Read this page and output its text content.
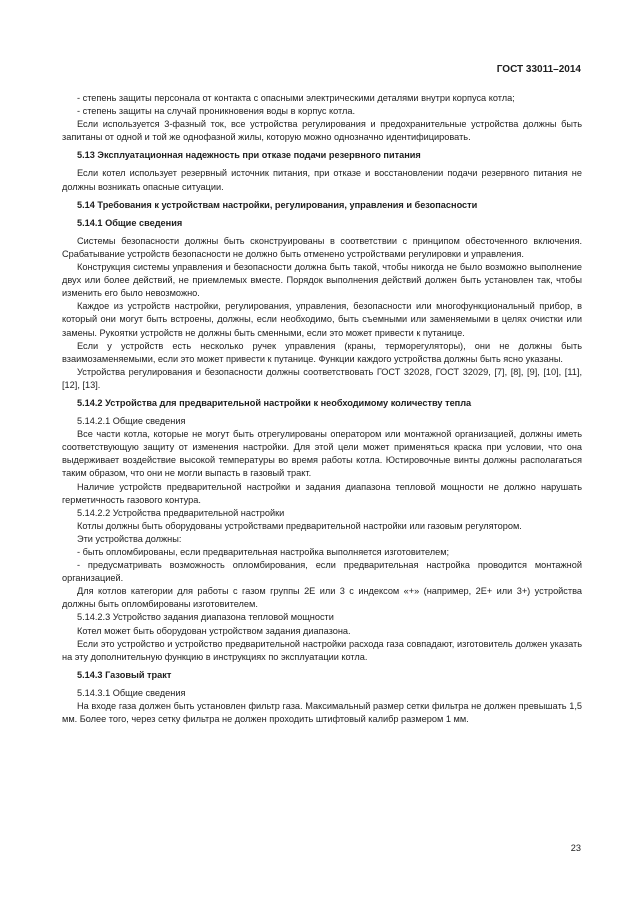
ГОСТ 33011–2014

- степень защиты персонала от контакта с опасными электрическими деталями внутри корпуса котла;

- степень защиты на случай проникновения воды в корпус котла.

Если используется 3-фазный ток, все устройства регулирования и предохранительные устройства должны быть запитаны от одной и той же однофазной жилы, которую можно однозначно идентифицировать.

5.13 Эксплуатационная надежность при отказе подачи резервного питания

Если котел использует резервный источник питания, при отказе и восстановлении подачи резервного питания не должны возникать опасные ситуации.

5.14 Требования к устройствам настройки, регулирования, управления и безопасности

5.14.1 Общие сведения

Системы безопасности должны быть сконструированы в соответствии с принципом обесточенного включения. Срабатывание устройств безопасности не должно быть отменено устройствами регулировки и управления.

Конструкция системы управления и безопасности должна быть такой, чтобы никогда не было возможно выполнение двух или более действий, не приемлемых вместе. Порядок выполнения действий должен быть установлен так, чтобы изменить его было невозможно.

Каждое из устройств настройки, регулирования, управления, безопасности или многофункциональный прибор, в который они могут быть встроены, должны, если необходимо, быть съемными или заменяемыми в целях очистки или замены. Рукоятки устройств не должны быть сменными, если это может привести к путанице.

Если у устройств есть несколько ручек управления (краны, терморегуляторы), они не должны быть взаимозаменяемыми, если это может привести к путанице. Функции каждого устройства должны быть ясно указаны.

Устройства регулирования и безопасности должны соответствовать ГОСТ 32028, ГОСТ 32029, [7], [8], [9], [10], [11], [12], [13].

5.14.2 Устройства для предварительной настройки к необходимому количеству тепла

5.14.2.1 Общие сведения

Все части котла, которые не могут быть отрегулированы оператором или монтажной организацией, должны иметь соответствующую защиту от изменения настройки. Для этой цели может применяться краска при условии, что она выдерживает воздействие высокой температуры во время работы котла. Юстировочные винты должны располагаться таким образом, что они не могли выпасть в газовый тракт.

Наличие устройств предварительной настройки и задания диапазона тепловой мощности не должно нарушать герметичность газового контура.

5.14.2.2 Устройства предварительной настройки

Котлы должны быть оборудованы устройствами предварительной настройки или газовым регулятором.

Эти устройства должны:

- быть опломбированы, если предварительная настройка выполняется изготовителем;

- предусматривать возможность опломбирования, если предварительная настройка проводится монтажной организацией.

Для котлов категории для работы с газом группы 2Е или 3 с индексом «+» (например, 2Е+ или 3+) устройства должны быть опломбированы изготовителем.

5.14.2.3 Устройство задания диапазона тепловой мощности

Котел может быть оборудован устройством задания диапазона.

Если это устройство и устройство предварительной настройки расхода газа совпадают, изготовитель должен указать на эту дополнительную функцию в инструкциях по эксплуатации котла.

5.14.3 Газовый тракт

5.14.3.1 Общие сведения

На входе газа должен быть установлен фильтр газа. Максимальный размер сетки фильтра не должен превышать 1,5 мм. Более того, через сетку фильтра не должен проходить штифтовый калибр размером 1 мм.

23
